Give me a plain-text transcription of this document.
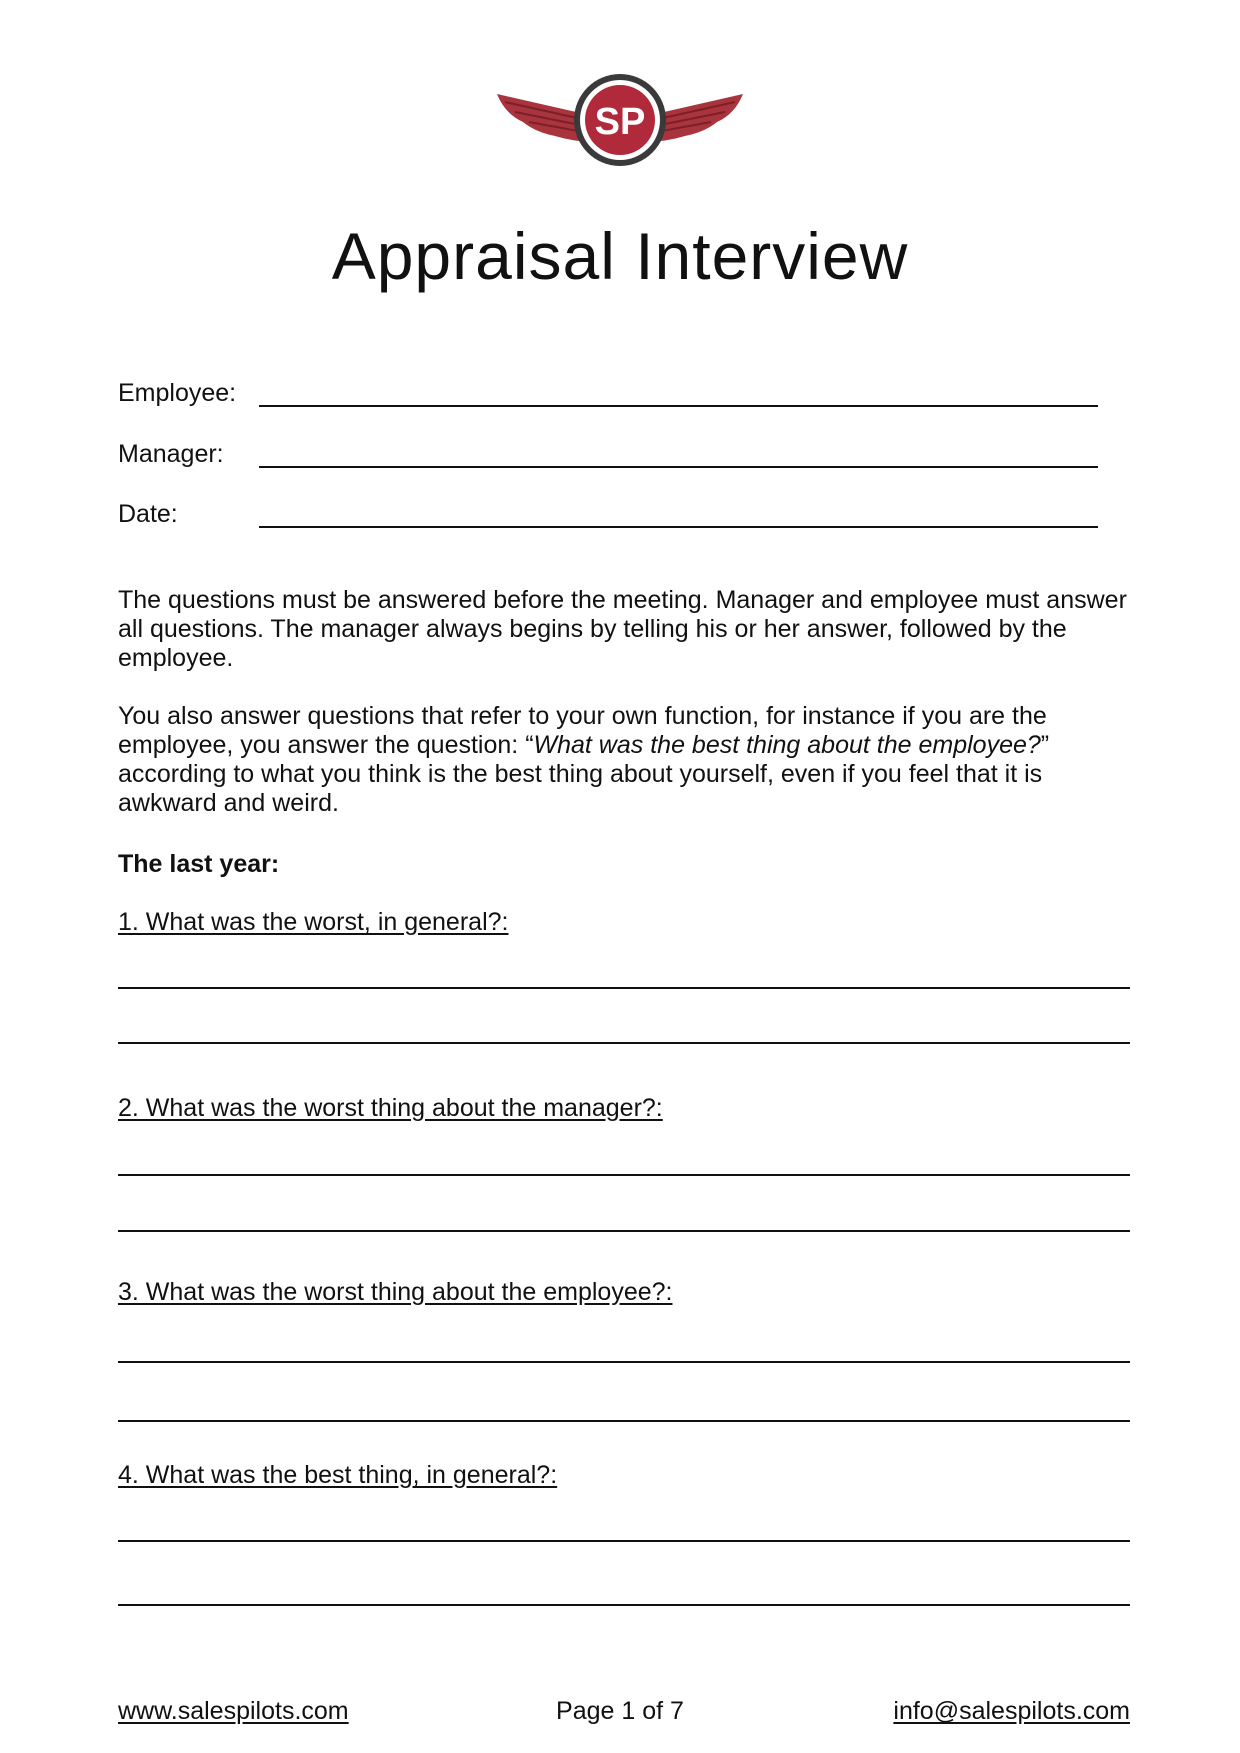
SP
Appraisal Interview
Employee:
Manager:
Date:

The questions must be answered before the meeting. Manager and employee must answer all questions. The manager always begins by telling his or her answer, followed by the employee.

You also answer questions that refer to your own function, for instance if you are the employee, you answer the question: “What was the best thing about the employee?” according to what you think is the best thing about yourself, even if you feel that it is awkward and weird.

The last year:

1. What was the worst, in general?:

2. What was the worst thing about the manager?:

3. What was the worst thing about the employee?:

4. What was the best thing, in general?:

www.salespilots.com	Page 1 of 7	info@salespilots.com
